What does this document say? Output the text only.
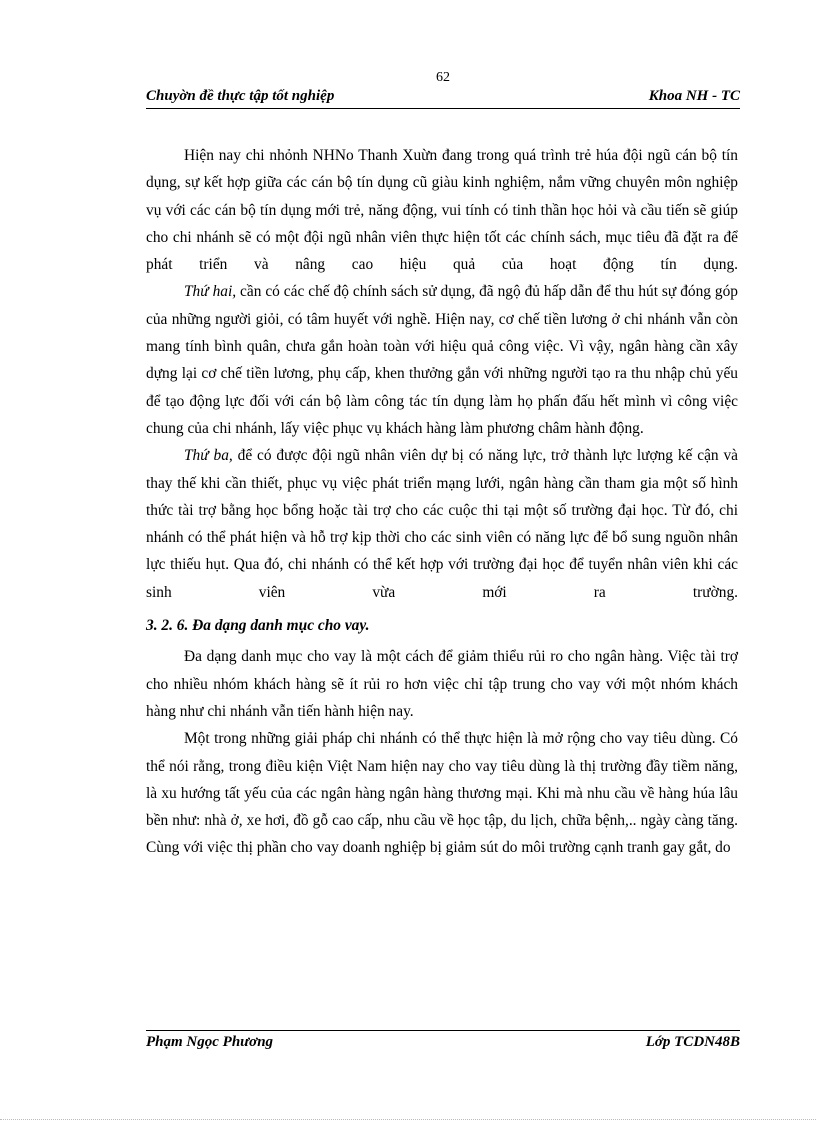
62
Chuyờn đề thực tập tốt nghiệp	Khoa NH - TC

Hiện nay chi nhỏnh NHNo Thanh Xuừn đang trong quá trình trẻ húa đội ngũ cán bộ tín dụng, sự kết hợp giữa các cán bộ tín dụng cũ giàu kinh nghiệm, nắm vững chuyên môn nghiệp vụ với các cán bộ tín dụng mới trẻ, năng động, vui tính có tinh thần học hỏi và cầu tiến sẽ giúp cho chi nhánh sẽ có một đội ngũ nhân viên thực hiện tốt các chính sách, mục tiêu đã đặt ra để phát triển và nâng cao hiệu quả của hoạt động tín dụng.

Thứ hai, cần có các chế độ chính sách sử dụng, đã ngộ đủ hấp dẫn để thu hút sự đóng góp của những người giỏi, có tâm huyết với nghề. Hiện nay, cơ chế tiền lương ở chi nhánh vẫn còn mang tính bình quân, chưa gắn hoàn toàn với hiệu quả công việc. Vì vậy, ngân hàng cần xây dựng lại cơ chế tiền lương, phụ cấp, khen thưởng gắn với những người tạo ra thu nhập chủ yếu để tạo động lực đối với cán bộ làm công tác tín dụng làm họ phấn đấu hết mình vì công việc chung của chi nhánh, lấy việc phục vụ khách hàng làm phương châm hành động.

Thứ ba, để có được đội ngũ nhân viên dự bị có năng lực, trở thành lực lượng kế cận và thay thế khi cần thiết, phục vụ việc phát triển mạng lưới, ngân hàng cần tham gia một số hình thức tài trợ bằng học bổng hoặc tài trợ cho các cuộc thi tại một số trường đại học. Từ đó, chi nhánh có thể phát hiện và hỗ trợ kịp thời cho các sinh viên có năng lực để bổ sung nguồn nhân lực thiếu hụt. Qua đó, chi nhánh có thể kết hợp với trường đại học để tuyển nhân viên khi các sinh viên vừa mới ra trường.

3. 2. 6. Đa dạng danh mục cho vay.

Đa dạng danh mục cho vay là một cách để giảm thiểu rủi ro cho ngân hàng. Việc tài trợ cho nhiều nhóm khách hàng sẽ ít rủi ro hơn việc chỉ tập trung cho vay với một nhóm khách hàng như chi nhánh vẫn tiến hành hiện nay.

Một trong những giải pháp chi nhánh có thể thực hiện là mở rộng cho vay tiêu dùng. Có thể nói rằng, trong điều kiện Việt Nam hiện nay cho vay tiêu dùng là thị trường đầy tiềm năng, là xu hướng tất yếu của các ngân hàng ngân hàng thương mại. Khi mà nhu cầu về hàng húa lâu bền như: nhà ở, xe hơi, đồ gỗ cao cấp, nhu cầu về học tập, du lịch, chữa bệnh,.. ngày càng tăng. Cùng với việc thị phần cho vay doanh nghiệp bị giảm sút do môi trường cạnh tranh gay gắt, do

Phạm Ngọc Phương	Lớp TCDN48B
